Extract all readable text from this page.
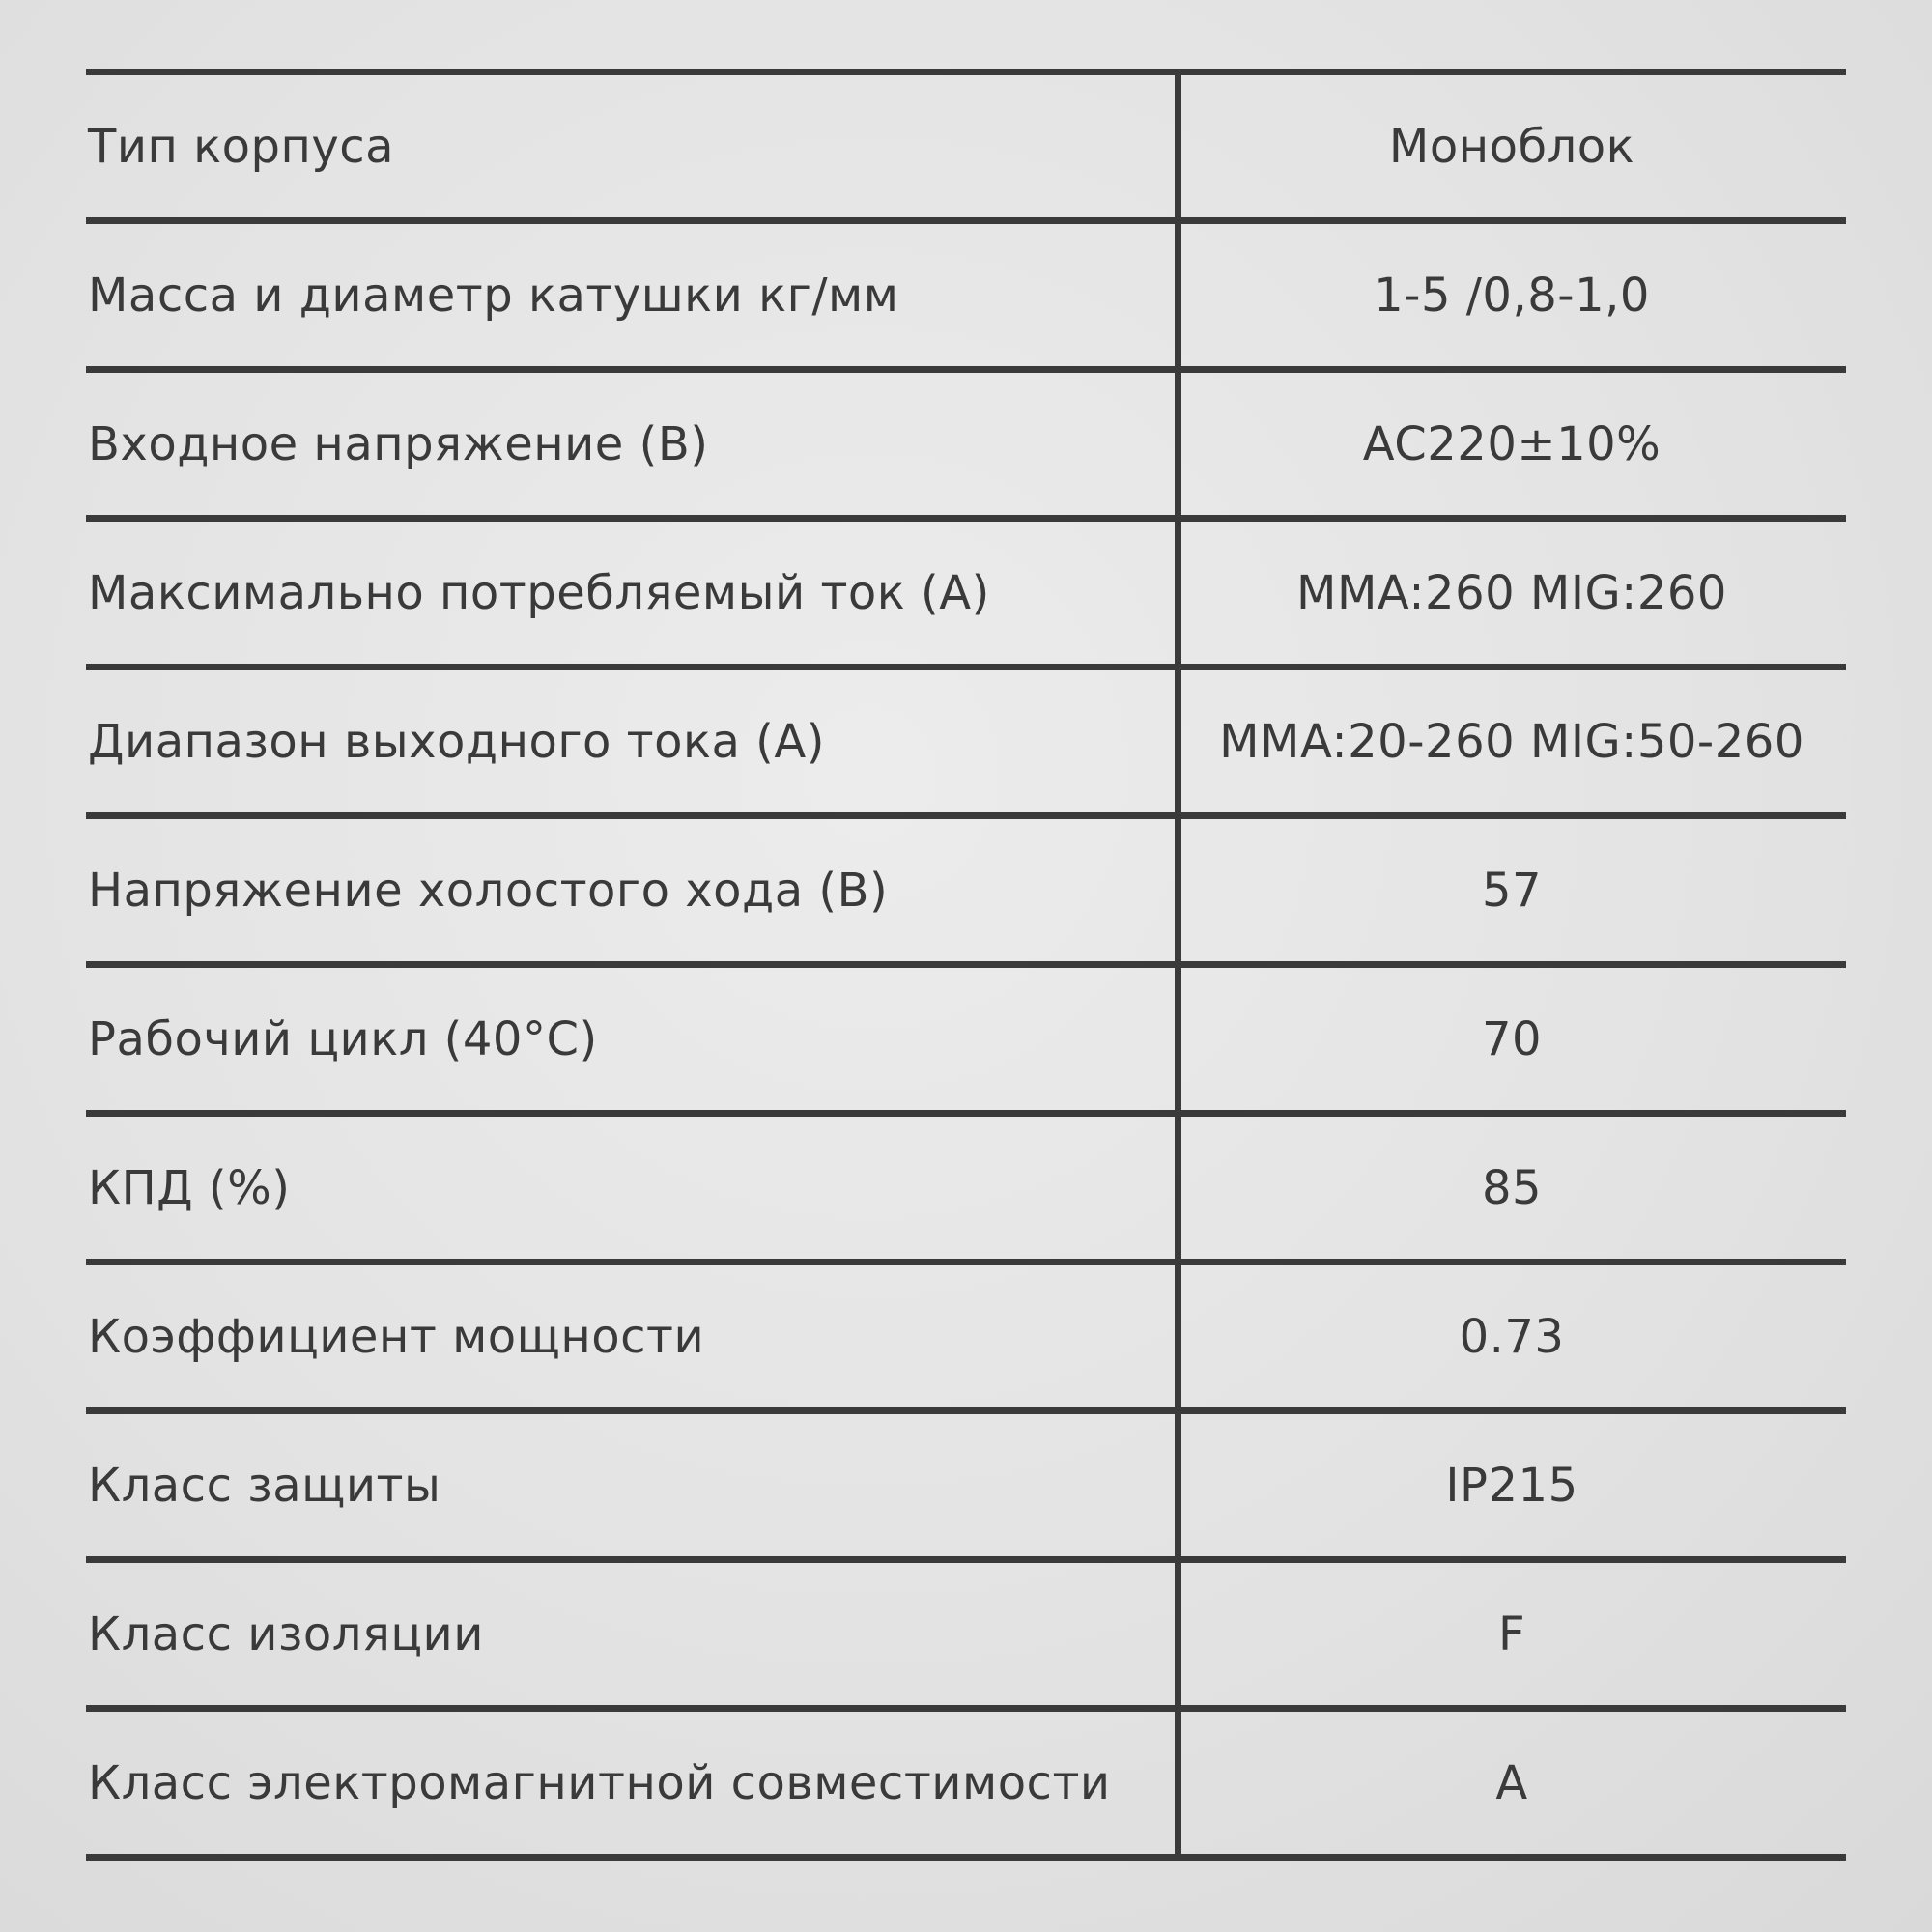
Тип корпуса	Моноблок
Масса и диаметр катушки кг/мм	1-5 /0,8-1,0
Входное напряжение (В)	AC220±10%
Максимально потребляемый ток (А)	MMA:260 MIG:260
Диапазон выходного тока (А)	MMA:20-260 MIG:50-260
Напряжение холостого хода (В)	57
Рабочий цикл (40°С)	70
КПД (%)	85
Коэффициент мощности	0.73
Класс защиты	IP215
Класс изоляции	F
Класс электромагнитной совместимости	A
